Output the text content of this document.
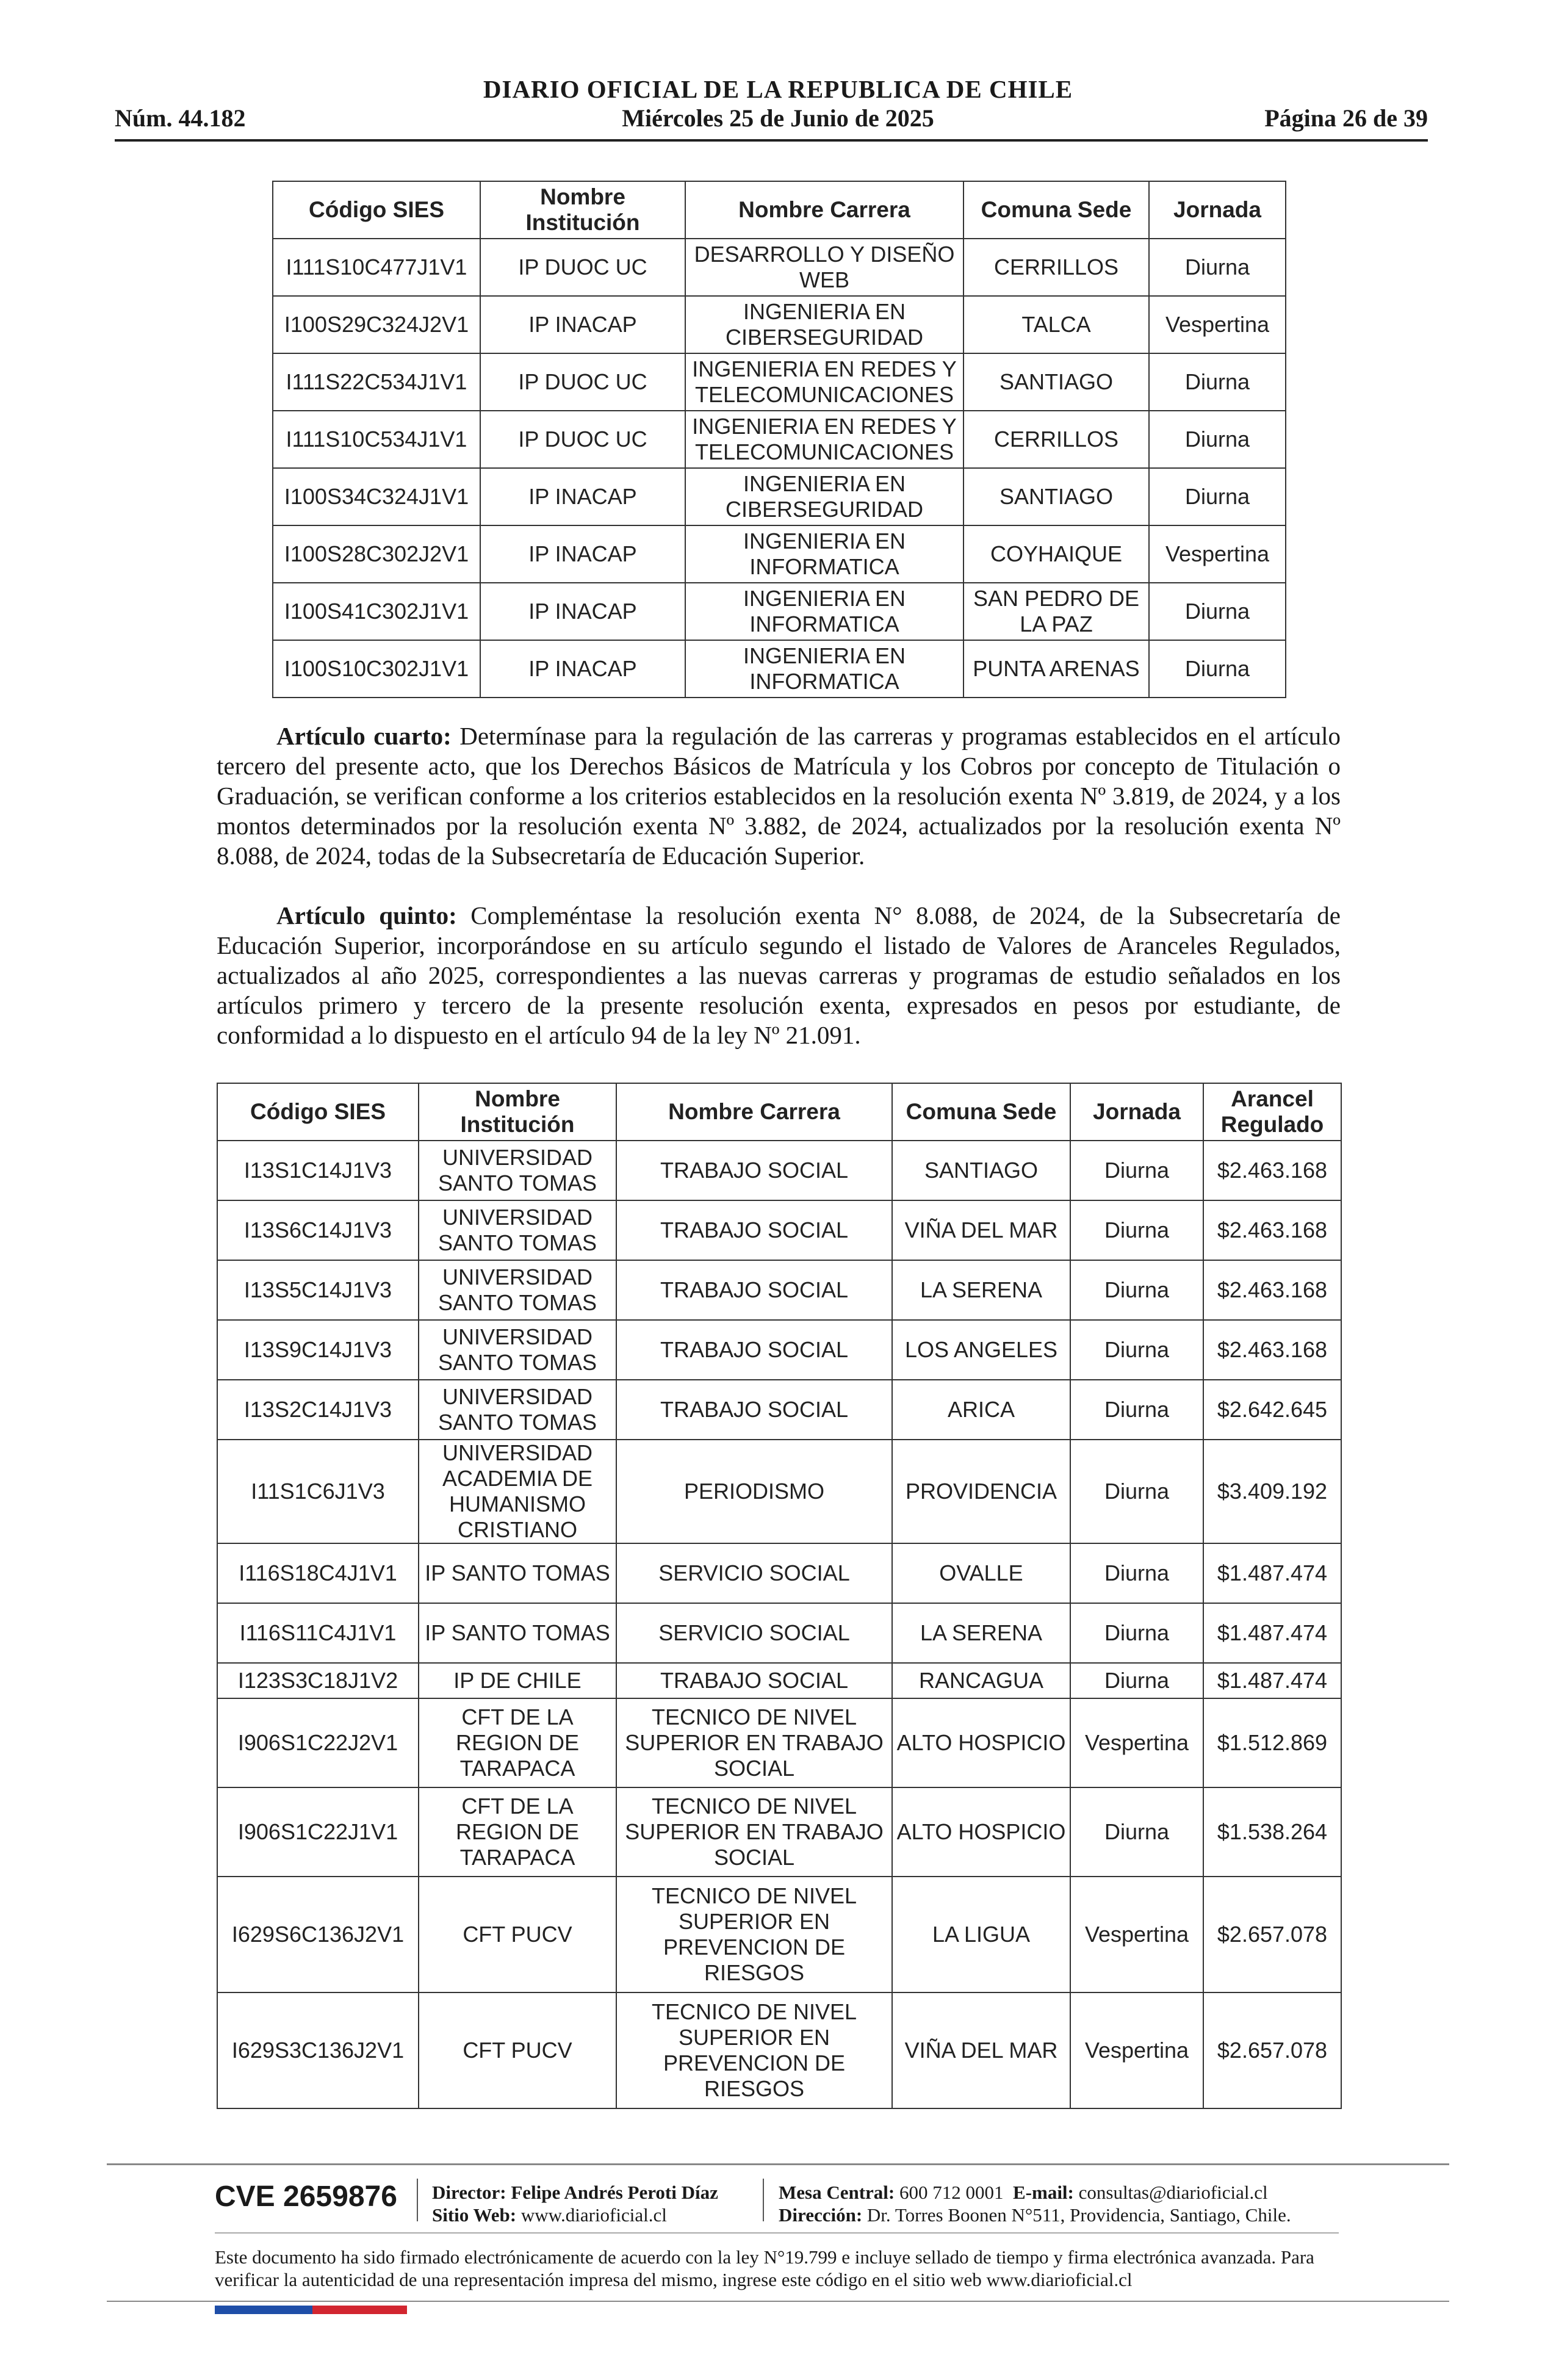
DIARIO OFICIAL DE LA REPUBLICA DE CHILE
Núm. 44.182	Miércoles 25 de Junio de 2025	Página 26 de 39
Código SIES	Nombre Institución	Nombre Carrera	Comuna Sede	Jornada
I111S10C477J1V1	IP DUOC UC	DESARROLLO Y DISEÑO WEB	CERRILLOS	Diurna
I100S29C324J2V1	IP INACAP	INGENIERIA EN CIBERSEGURIDAD	TALCA	Vespertina
I111S22C534J1V1	IP DUOC UC	INGENIERIA EN REDES Y TELECOMUNICACIONES	SANTIAGO	Diurna
I111S10C534J1V1	IP DUOC UC	INGENIERIA EN REDES Y TELECOMUNICACIONES	CERRILLOS	Diurna
I100S34C324J1V1	IP INACAP	INGENIERIA EN CIBERSEGURIDAD	SANTIAGO	Diurna
I100S28C302J2V1	IP INACAP	INGENIERIA EN INFORMATICA	COYHAIQUE	Vespertina
I100S41C302J1V1	IP INACAP	INGENIERIA EN INFORMATICA	SAN PEDRO DE LA PAZ	Diurna
I100S10C302J1V1	IP INACAP	INGENIERIA EN INFORMATICA	PUNTA ARENAS	Diurna
Artículo cuarto: Determínase para la regulación de las carreras y programas establecidos en el artículo tercero del presente acto, que los Derechos Básicos de Matrícula y los Cobros por concepto de Titulación o Graduación, se verifican conforme a los criterios establecidos en la resolución exenta Nº 3.819, de 2024, y a los montos determinados por la resolución exenta Nº 3.882, de 2024, actualizados por la resolución exenta Nº 8.088, de 2024, todas de la Subsecretaría de Educación Superior.
Artículo quinto: Compleméntase la resolución exenta N° 8.088, de 2024, de la Subsecretaría de Educación Superior, incorporándose en su artículo segundo el listado de Valores de Aranceles Regulados, actualizados al año 2025, correspondientes a las nuevas carreras y programas de estudio señalados en los artículos primero y tercero de la presente resolución exenta, expresados en pesos por estudiante, de conformidad a lo dispuesto en el artículo 94 de la ley Nº 21.091.
Código SIES	Nombre Institución	Nombre Carrera	Comuna Sede	Jornada	Arancel Regulado
I13S1C14J1V3	UNIVERSIDAD SANTO TOMAS	TRABAJO SOCIAL	SANTIAGO	Diurna	$2.463.168
I13S6C14J1V3	UNIVERSIDAD SANTO TOMAS	TRABAJO SOCIAL	VIÑA DEL MAR	Diurna	$2.463.168
I13S5C14J1V3	UNIVERSIDAD SANTO TOMAS	TRABAJO SOCIAL	LA SERENA	Diurna	$2.463.168
I13S9C14J1V3	UNIVERSIDAD SANTO TOMAS	TRABAJO SOCIAL	LOS ANGELES	Diurna	$2.463.168
I13S2C14J1V3	UNIVERSIDAD SANTO TOMAS	TRABAJO SOCIAL	ARICA	Diurna	$2.642.645
I11S1C6J1V3	UNIVERSIDAD ACADEMIA DE HUMANISMO CRISTIANO	PERIODISMO	PROVIDENCIA	Diurna	$3.409.192
I116S18C4J1V1	IP SANTO TOMAS	SERVICIO SOCIAL	OVALLE	Diurna	$1.487.474
I116S11C4J1V1	IP SANTO TOMAS	SERVICIO SOCIAL	LA SERENA	Diurna	$1.487.474
I123S3C18J1V2	IP DE CHILE	TRABAJO SOCIAL	RANCAGUA	Diurna	$1.487.474
I906S1C22J2V1	CFT DE LA REGION DE TARAPACA	TECNICO DE NIVEL SUPERIOR EN TRABAJO SOCIAL	ALTO HOSPICIO	Vespertina	$1.512.869
I906S1C22J1V1	CFT DE LA REGION DE TARAPACA	TECNICO DE NIVEL SUPERIOR EN TRABAJO SOCIAL	ALTO HOSPICIO	Diurna	$1.538.264
I629S6C136J2V1	CFT PUCV	TECNICO DE NIVEL SUPERIOR EN PREVENCION DE RIESGOS	LA LIGUA	Vespertina	$2.657.078
I629S3C136J2V1	CFT PUCV	TECNICO DE NIVEL SUPERIOR EN PREVENCION DE RIESGOS	VIÑA DEL MAR	Vespertina	$2.657.078
CVE 2659876 Director: Felipe Andrés Peroti Díaz
Sitio Web: www.diarioficial.cl
Mesa Central: 600 712 0001 E-mail: consultas@diarioficial.cl
Dirección: Dr. Torres Boonen N°511, Providencia, Santiago, Chile.
Este documento ha sido firmado electrónicamente de acuerdo con la ley N°19.799 e incluye sellado de tiempo y firma electrónica avanzada. Para verificar la autenticidad de una representación impresa del mismo, ingrese este código en el sitio web www.diarioficial.cl
